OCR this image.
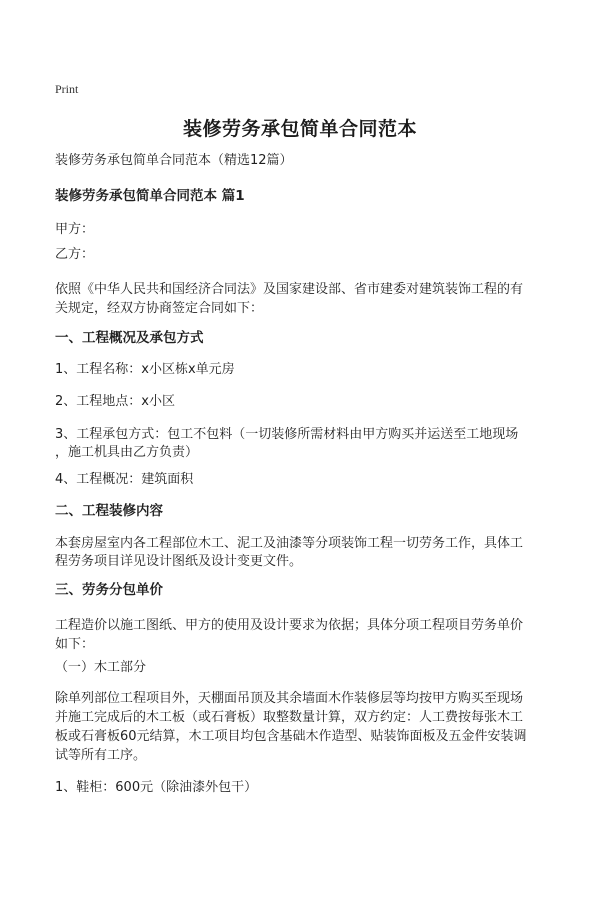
Print
装修劳务承包简单合同范本
装修劳务承包简单合同范本（精选12篇）
装修劳务承包简单合同范本 篇1
甲方：
乙方：
依照《中华人民共和国经济合同法》及国家建设部、省市建委对建筑装饰工程的有
关规定，经双方协商签定合同如下：
一、工程概况及承包方式
1、工程名称：x小区栋x单元房
2、工程地点：x小区
3、工程承包方式：包工不包料（一切装修所需材料由甲方购买并运送至工地现场
，施工机具由乙方负责）
4、工程概况：建筑面积
二、工程装修内容
本套房屋室内各工程部位木工、泥工及油漆等分项装饰工程一切劳务工作，具体工
程劳务项目详见设计图纸及设计变更文件。
三、劳务分包单价
工程造价以施工图纸、甲方的使用及设计要求为依据；具体分项工程项目劳务单价
如下：
（一）木工部分
除单列部位工程项目外，天棚面吊顶及其余墙面木作装修层等均按甲方购买至现场
并施工完成后的木工板（或石膏板）取整数量计算，双方约定：人工费按每张木工
板或石膏板60元结算，木工项目均包含基础木作造型、贴装饰面板及五金件安装调
试等所有工序。
1、鞋柜：600元（除油漆外包干）
